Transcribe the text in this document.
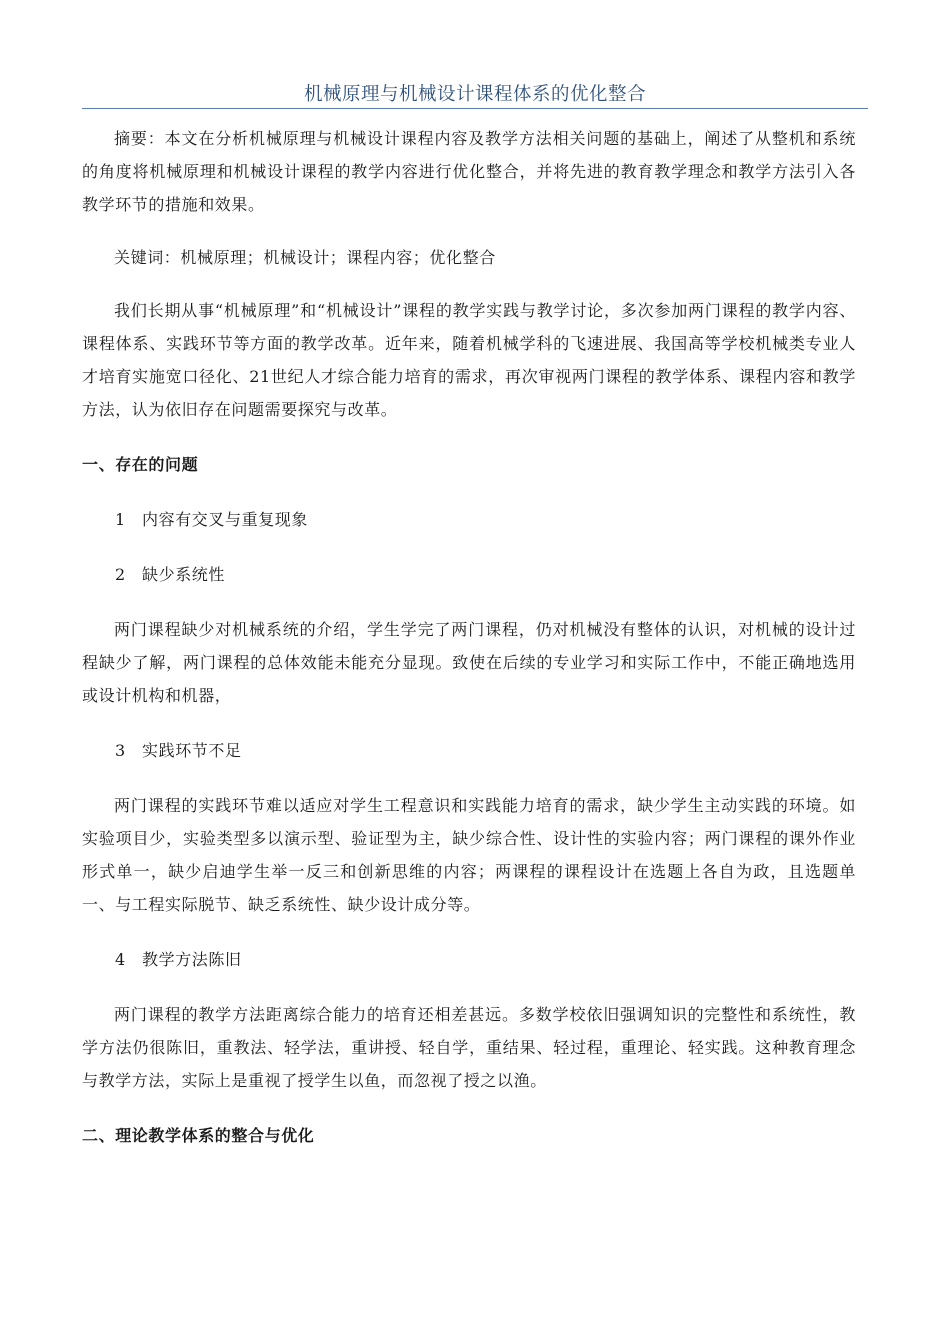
机械原理与机械设计课程体系的优化整合

摘要：本文在分析机械原理与机械设计课程内容及教学方法相关问题的基础上，阐述了从整机和系统的角度将机械原理和机械设计课程的教学内容进行优化整合，并将先进的教育教学理念和教学方法引入各教学环节的措施和效果。

关键词：机械原理；机械设计；课程内容；优化整合

我们长期从事“机械原理”和“机械设计”课程的教学实践与教学讨论，多次参加两门课程的教学内容、课程体系、实践环节等方面的教学改革。近年来，随着机械学科的飞速进展、我国高等学校机械类专业人才培育实施宽口径化、21世纪人才综合能力培育的需求，再次审视两门课程的教学体系、课程内容和教学方法，认为依旧存在问题需要探究与改革。

一、存在的问题

1 内容有交叉与重复现象

2 缺少系统性

两门课程缺少对机械系统的介绍，学生学完了两门课程，仍对机械没有整体的认识，对机械的设计过程缺少了解，两门课程的总体效能未能充分显现。致使在后续的专业学习和实际工作中，不能正确地选用或设计机构和机器，

3 实践环节不足

两门课程的实践环节难以适应对学生工程意识和实践能力培育的需求，缺少学生主动实践的环境。如实验项目少，实验类型多以演示型、验证型为主，缺少综合性、设计性的实验内容；两门课程的课外作业形式单一，缺少启迪学生举一反三和创新思维的内容；两课程的课程设计在选题上各自为政，且选题单一、与工程实际脱节、缺乏系统性、缺少设计成分等。

4 教学方法陈旧

两门课程的教学方法距离综合能力的培育还相差甚远。多数学校依旧强调知识的完整性和系统性，教学方法仍很陈旧，重教法、轻学法，重讲授、轻自学，重结果、轻过程，重理论、轻实践。这种教育理念与教学方法，实际上是重视了授学生以鱼，而忽视了授之以渔。

二、理论教学体系的整合与优化
